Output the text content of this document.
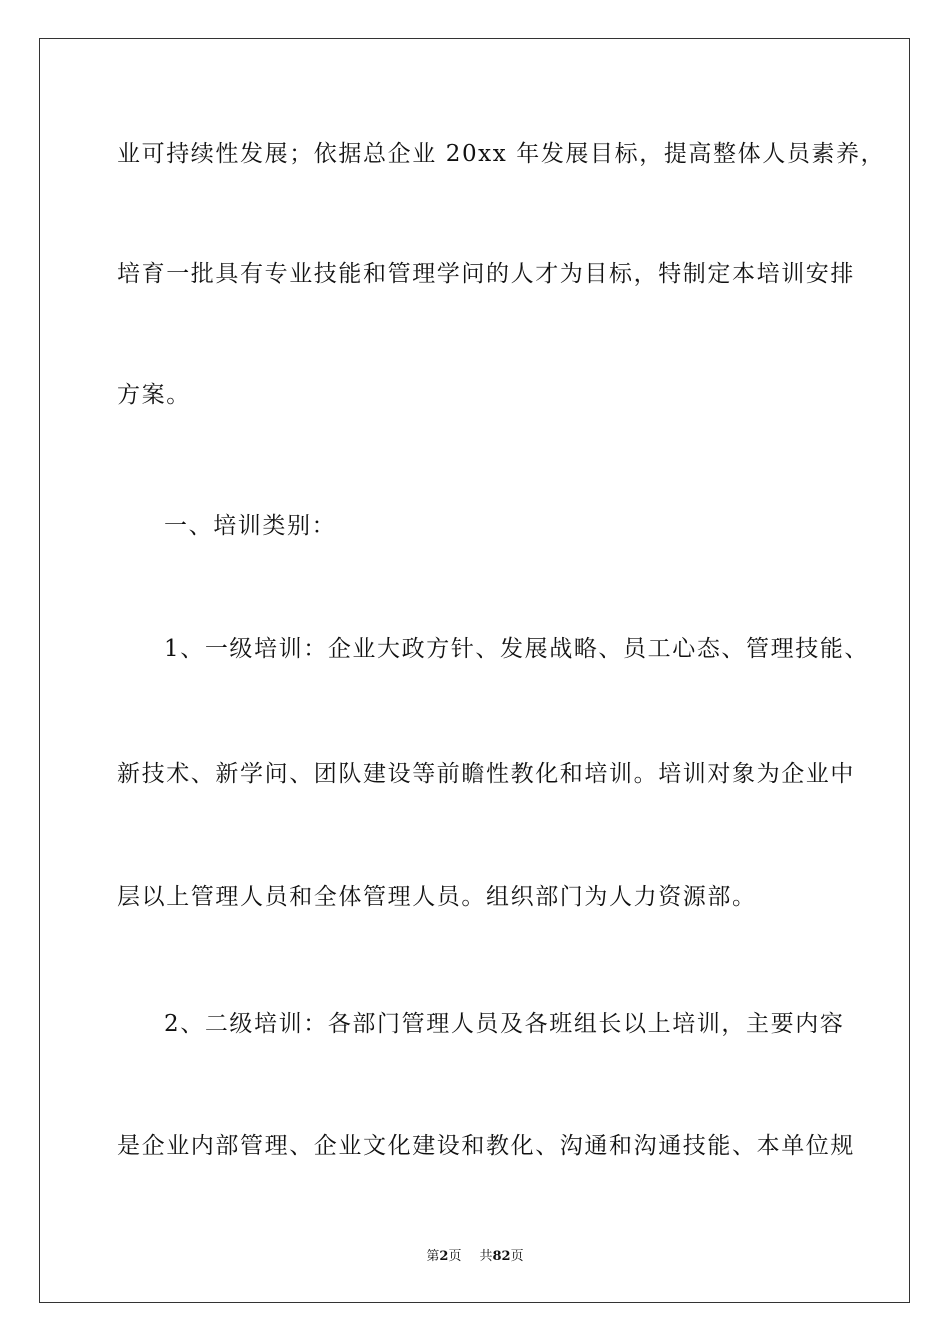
业可持续性发展；依据总企业 20xx 年发展目标，提高整体人员素养，
培育一批具有专业技能和管理学问的人才为目标，特制定本培训安排
方案。
一、培训类别：
1、一级培训：企业大政方针、发展战略、员工心态、管理技能、
新技术、新学问、团队建设等前瞻性教化和培训。培训对象为企业中
层以上管理人员和全体管理人员。组织部门为人力资源部。
2、二级培训：各部门管理人员及各班组长以上培训，主要内容
是企业内部管理、企业文化建设和教化、沟通和沟通技能、本单位规
第2页 共82页
